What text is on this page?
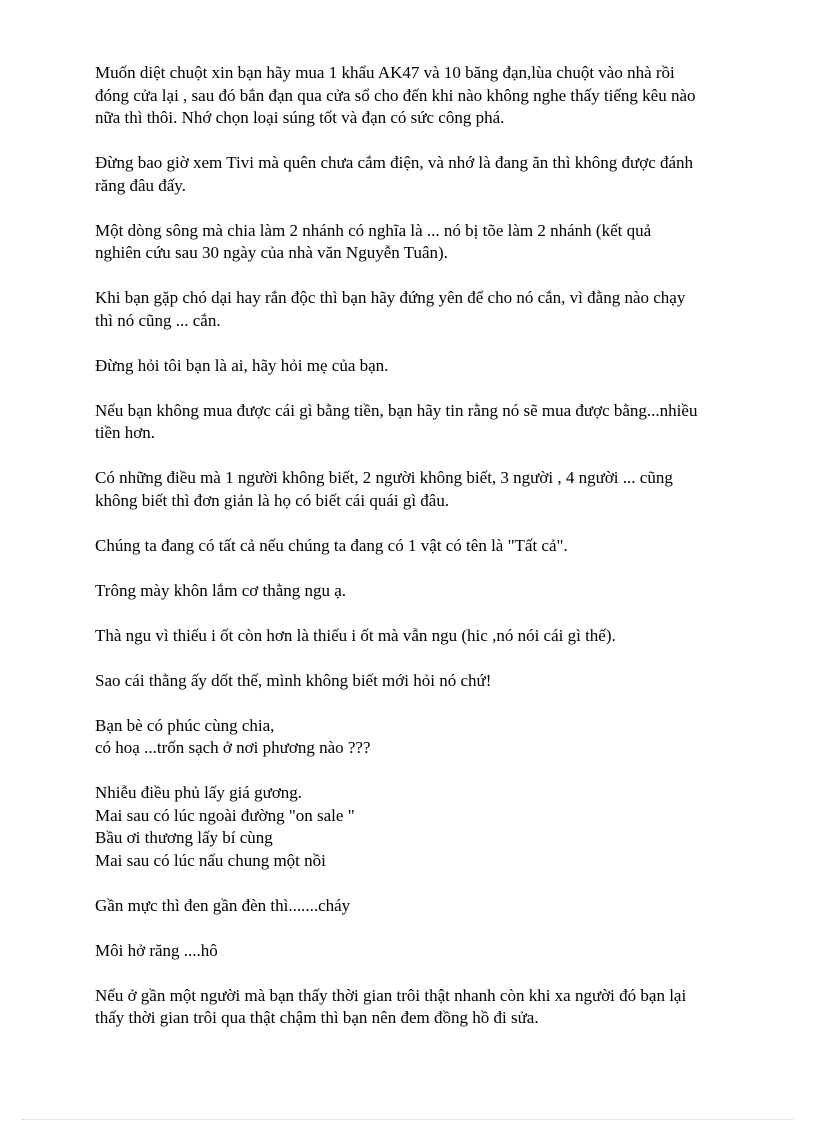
Muốn diệt chuột xin bạn hãy mua 1 khẩu AK47 và 10 băng đạn,lùa chuột vào nhà rồi
đóng cửa lại , sau đó bắn đạn qua cửa sổ cho đến khi nào không nghe thấy tiếng kêu nào
nữa thì thôi. Nhớ chọn loại súng tốt và đạn có sức công phá.

Đừng bao giờ xem Tivi mà quên chưa cắm điện, và nhớ là đang ăn thì không được đánh
răng đâu đấy.

Một dòng sông mà chia làm 2 nhánh có nghĩa là ... nó bị tõe làm 2 nhánh (kết quả
nghiên cứu sau 30 ngày của nhà văn Nguyễn Tuân).

Khi bạn gặp chó dại hay rắn độc thì bạn hãy đứng yên để cho nó cắn, vì đằng nào chạy
thì nó cũng ... cắn.

Đừng hỏi tôi bạn là ai, hãy hỏi mẹ của bạn.

Nếu bạn không mua được cái gì bằng tiền, bạn hãy tin rằng nó sẽ mua được bằng...nhiều
tiền hơn.

Có những điều mà 1 người không biết, 2 người không biết, 3 người , 4 người ... cũng
không biết thì đơn giản là họ có biết cái quái gì đâu.

Chúng ta đang có tất cả nếu chúng ta đang có 1 vật có tên là "Tất cả".

Trông mày khôn lắm cơ thằng ngu ạ.

Thà ngu vì thiếu i ốt còn hơn là thiếu i ốt mà vẫn ngu (hic ,nó nói cái gì thế).

Sao cái thằng ấy dốt thế, mình không biết mới hỏi nó chứ!

Bạn bè có phúc cùng chia,
có hoạ ...trốn sạch ở nơi phương nào ???

Nhiễu điều phủ lấy giá gương.
Mai sau có lúc ngoài đường "on sale "
Bầu ơi thương lấy bí cùng
Mai sau có lúc nấu chung một nồi

Gần mực thì đen gần đèn thì.......cháy

Môi hở răng ....hô

Nếu ở gần một người mà bạn thấy thời gian trôi thật nhanh còn khi xa người đó bạn lại
thấy thời gian trôi qua thật chậm thì bạn nên đem đồng hồ đi sửa.
